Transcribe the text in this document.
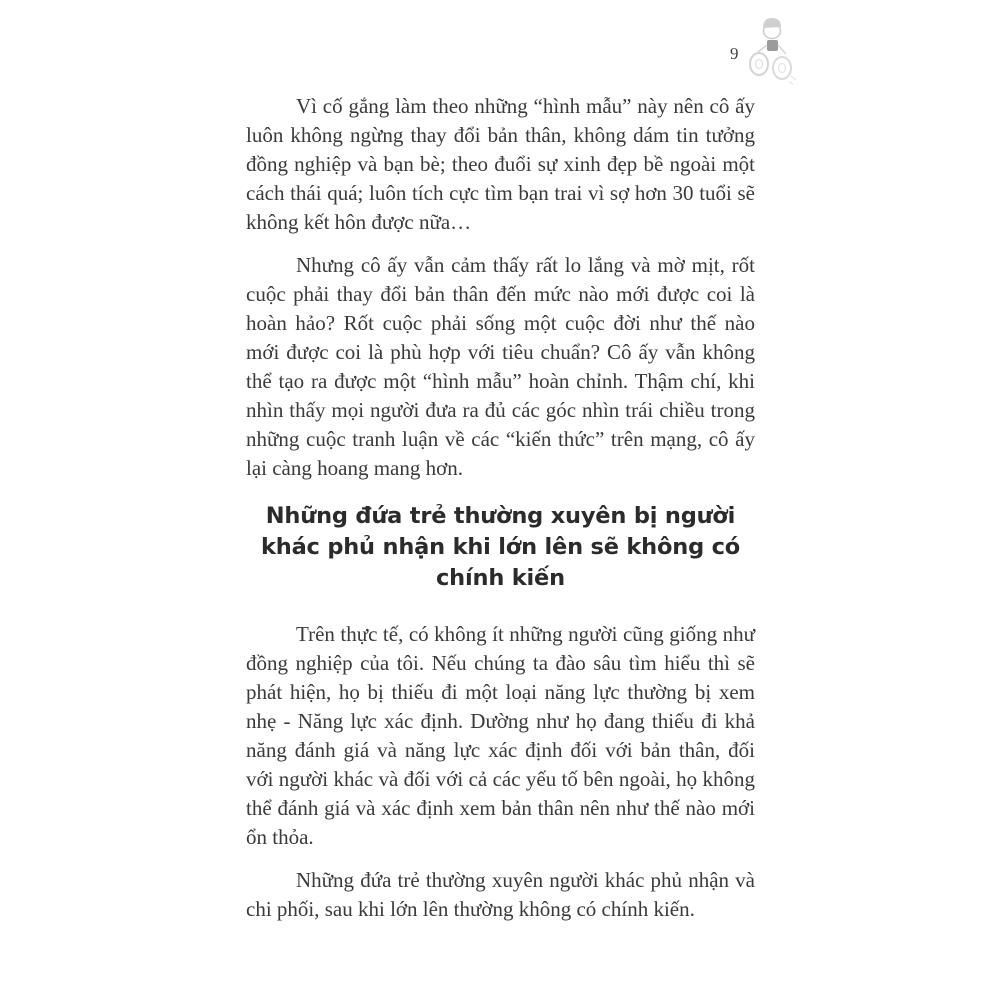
9

Vì cố gắng làm theo những “hình mẫu” này nên cô ấy luôn không ngừng thay đổi bản thân, không dám tin tưởng đồng nghiệp và bạn bè; theo đuổi sự xinh đẹp bề ngoài một cách thái quá; luôn tích cực tìm bạn trai vì sợ hơn 30 tuổi sẽ không kết hôn được nữa…

Nhưng cô ấy vẫn cảm thấy rất lo lắng và mờ mịt, rốt cuộc phải thay đổi bản thân đến mức nào mới được coi là hoàn hảo? Rốt cuộc phải sống một cuộc đời như thế nào mới được coi là phù hợp với tiêu chuẩn? Cô ấy vẫn không thể tạo ra được một “hình mẫu” hoàn chỉnh. Thậm chí, khi nhìn thấy mọi người đưa ra đủ các góc nhìn trái chiều trong những cuộc tranh luận về các “kiến thức” trên mạng, cô ấy lại càng hoang mang hơn.

Những đứa trẻ thường xuyên bị người khác phủ nhận khi lớn lên sẽ không có chính kiến

Trên thực tế, có không ít những người cũng giống như đồng nghiệp của tôi. Nếu chúng ta đào sâu tìm hiểu thì sẽ phát hiện, họ bị thiếu đi một loại năng lực thường bị xem nhẹ - Năng lực xác định. Dường như họ đang thiếu đi khả năng đánh giá và năng lực xác định đối với bản thân, đối với người khác và đối với cả các yếu tố bên ngoài, họ không thể đánh giá và xác định xem bản thân nên như thế nào mới ổn thỏa.

Những đứa trẻ thường xuyên người khác phủ nhận và chi phối, sau khi lớn lên thường không có chính kiến.
